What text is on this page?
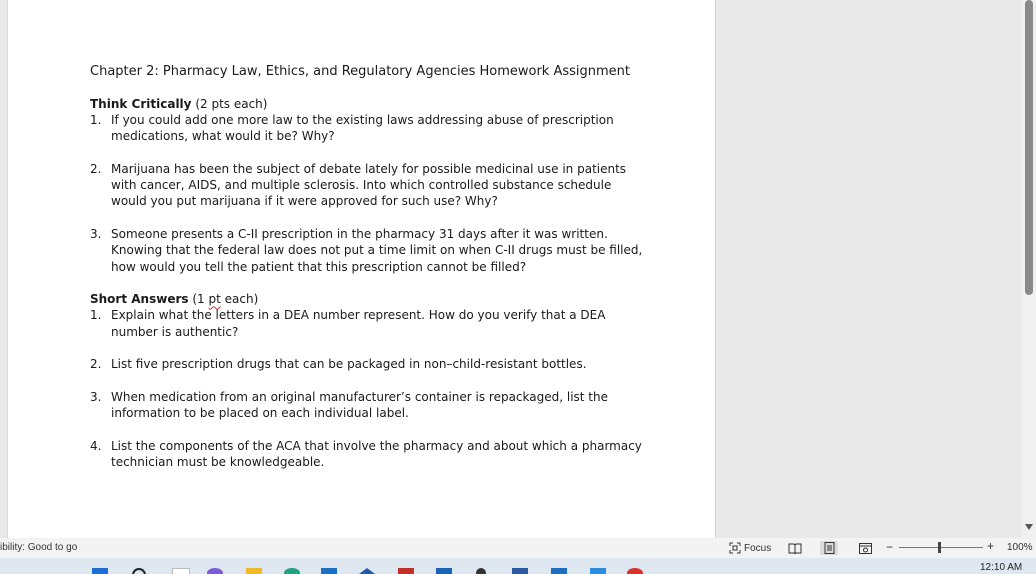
Chapter 2: Pharmacy Law, Ethics, and Regulatory Agencies Homework Assignment

Think Critically (2 pts each)

1. If you could add one more law to the existing laws addressing abuse of prescription medications, what would it be? Why?
2. Marijuana has been the subject of debate lately for possible medicinal use in patients with cancer, AIDS, and multiple sclerosis. Into which controlled substance schedule would you put marijuana if it were approved for such use? Why?
3. Someone presents a C-II prescription in the pharmacy 31 days after it was written. Knowing that the federal law does not put a time limit on when C-II drugs must be filled, how would you tell the patient that this prescription cannot be filled?

Short Answers (1 pt each)

1. Explain what the letters in a DEA number represent. How do you verify that a DEA number is authentic?
2. List five prescription drugs that can be packaged in non–child-resistant bottles.
3. When medication from an original manufacturer’s container is repackaged, list the information to be placed on each individual label.
4. List the components of the ACA that involve the pharmacy and about which a pharmacy technician must be knowledgeable.
ibility: Good to go	Focus	−	+ 100%
12:10 AM
